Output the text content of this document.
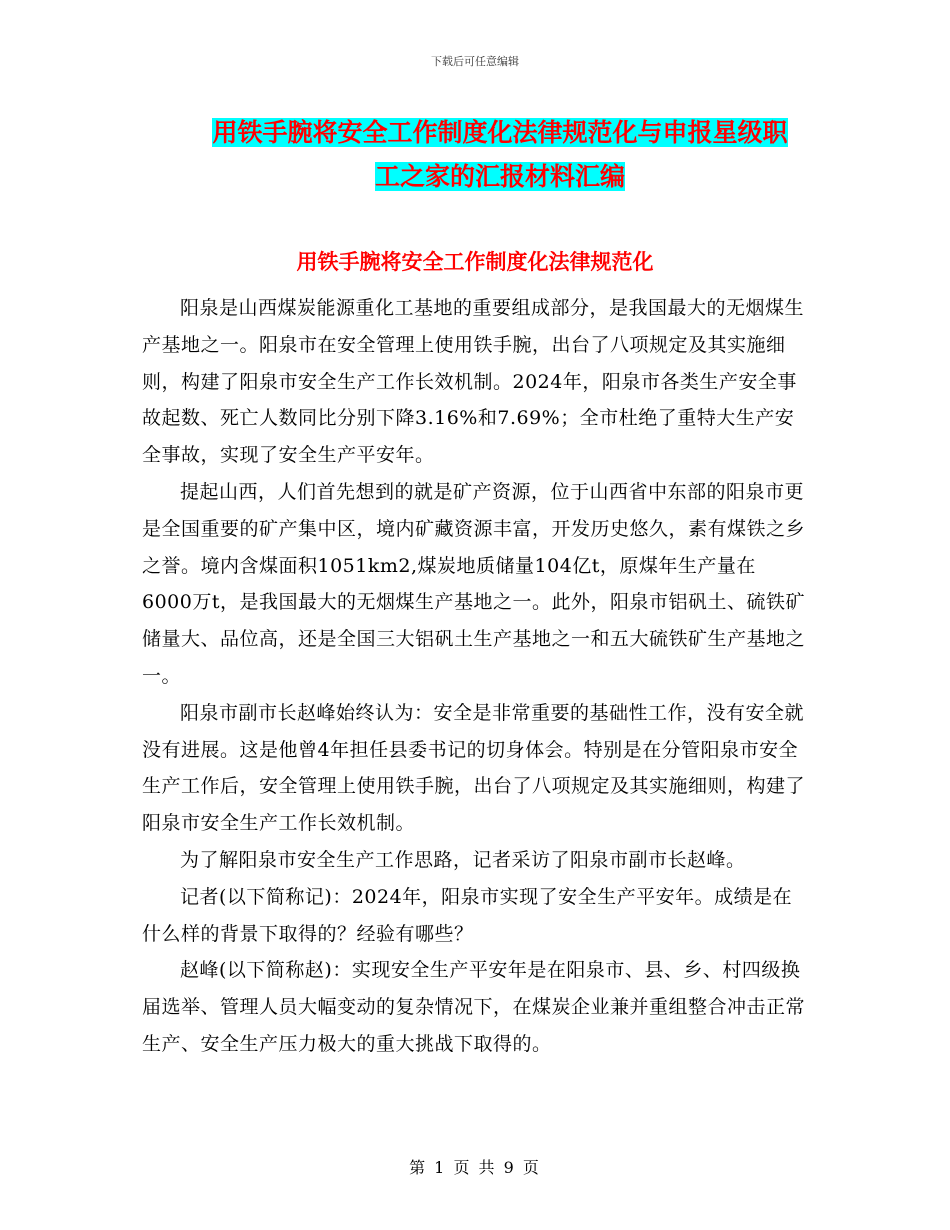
下载后可任意编辑
用铁手腕将安全工作制度化法律规范化与申报星级职
工之家的汇报材料汇编
用铁手腕将安全工作制度化法律规范化

阳泉是山西煤炭能源重化工基地的重要组成部分，是我国最大的无烟煤生产基地之一。阳泉市在安全管理上使用铁手腕，出台了八项规定及其实施细则，构建了阳泉市安全生产工作长效机制。2024年，阳泉市各类生产安全事故起数、死亡人数同比分别下降3.16%和7.69%；全市杜绝了重特大生产安全事故，实现了安全生产平安年。

提起山西，人们首先想到的就是矿产资源，位于山西省中东部的阳泉市更是全国重要的矿产集中区，境内矿藏资源丰富，开发历史悠久，素有煤铁之乡之誉。境内含煤面积1051km2,煤炭地质储量104亿t，原煤年生产量在6000万t，是我国最大的无烟煤生产基地之一。此外，阳泉市铝矾土、硫铁矿储量大、品位高，还是全国三大铝矾土生产基地之一和五大硫铁矿生产基地之一。

阳泉市副市长赵峰始终认为：安全是非常重要的基础性工作，没有安全就没有进展。这是他曾4年担任县委书记的切身体会。特别是在分管阳泉市安全生产工作后，安全管理上使用铁手腕，出台了八项规定及其实施细则，构建了阳泉市安全生产工作长效机制。

为了解阳泉市安全生产工作思路，记者采访了阳泉市副市长赵峰。

记者(以下简称记)：2024年，阳泉市实现了安全生产平安年。成绩是在什么样的背景下取得的？经验有哪些？

赵峰(以下简称赵)：实现安全生产平安年是在阳泉市、县、乡、村四级换届选举、管理人员大幅变动的复杂情况下，在煤炭企业兼并重组整合冲击正常生产、安全生产压力极大的重大挑战下取得的。

第 1 页 共 9 页
